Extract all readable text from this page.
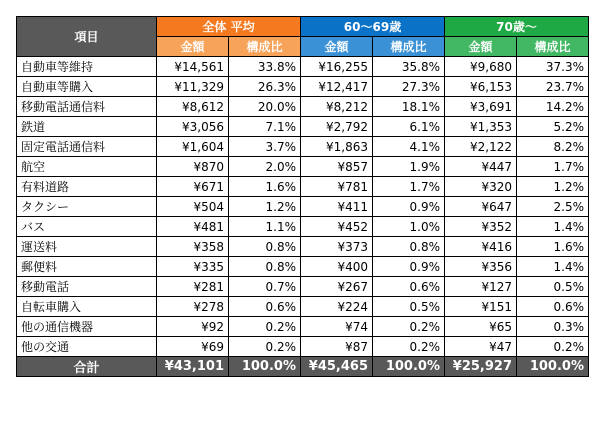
項目	全体 平均		60～69歳		70歳～	
	金額	構成比	金額	構成比	金額	構成比
自動車等維持	¥14,561	33.8%	¥16,255	35.8%	¥9,680	37.3%
自動車等購入	¥11,329	26.3%	¥12,417	27.3%	¥6,153	23.7%
移動電話通信料	¥8,612	20.0%	¥8,212	18.1%	¥3,691	14.2%
鉄道	¥3,056	7.1%	¥2,792	6.1%	¥1,353	5.2%
固定電話通信料	¥1,604	3.7%	¥1,863	4.1%	¥2,122	8.2%
航空	¥870	2.0%	¥857	1.9%	¥447	1.7%
有料道路	¥671	1.6%	¥781	1.7%	¥320	1.2%
タクシー	¥504	1.2%	¥411	0.9%	¥647	2.5%
バス	¥481	1.1%	¥452	1.0%	¥352	1.4%
運送料	¥358	0.8%	¥373	0.8%	¥416	1.6%
郵便料	¥335	0.8%	¥400	0.9%	¥356	1.4%
移動電話	¥281	0.7%	¥267	0.6%	¥127	0.5%
自転車購入	¥278	0.6%	¥224	0.5%	¥151	0.6%
他の通信機器	¥92	0.2%	¥74	0.2%	¥65	0.3%
他の交通	¥69	0.2%	¥87	0.2%	¥47	0.2%
合計	¥43,101	100.0%	¥45,465	100.0%	¥25,927	100.0%
